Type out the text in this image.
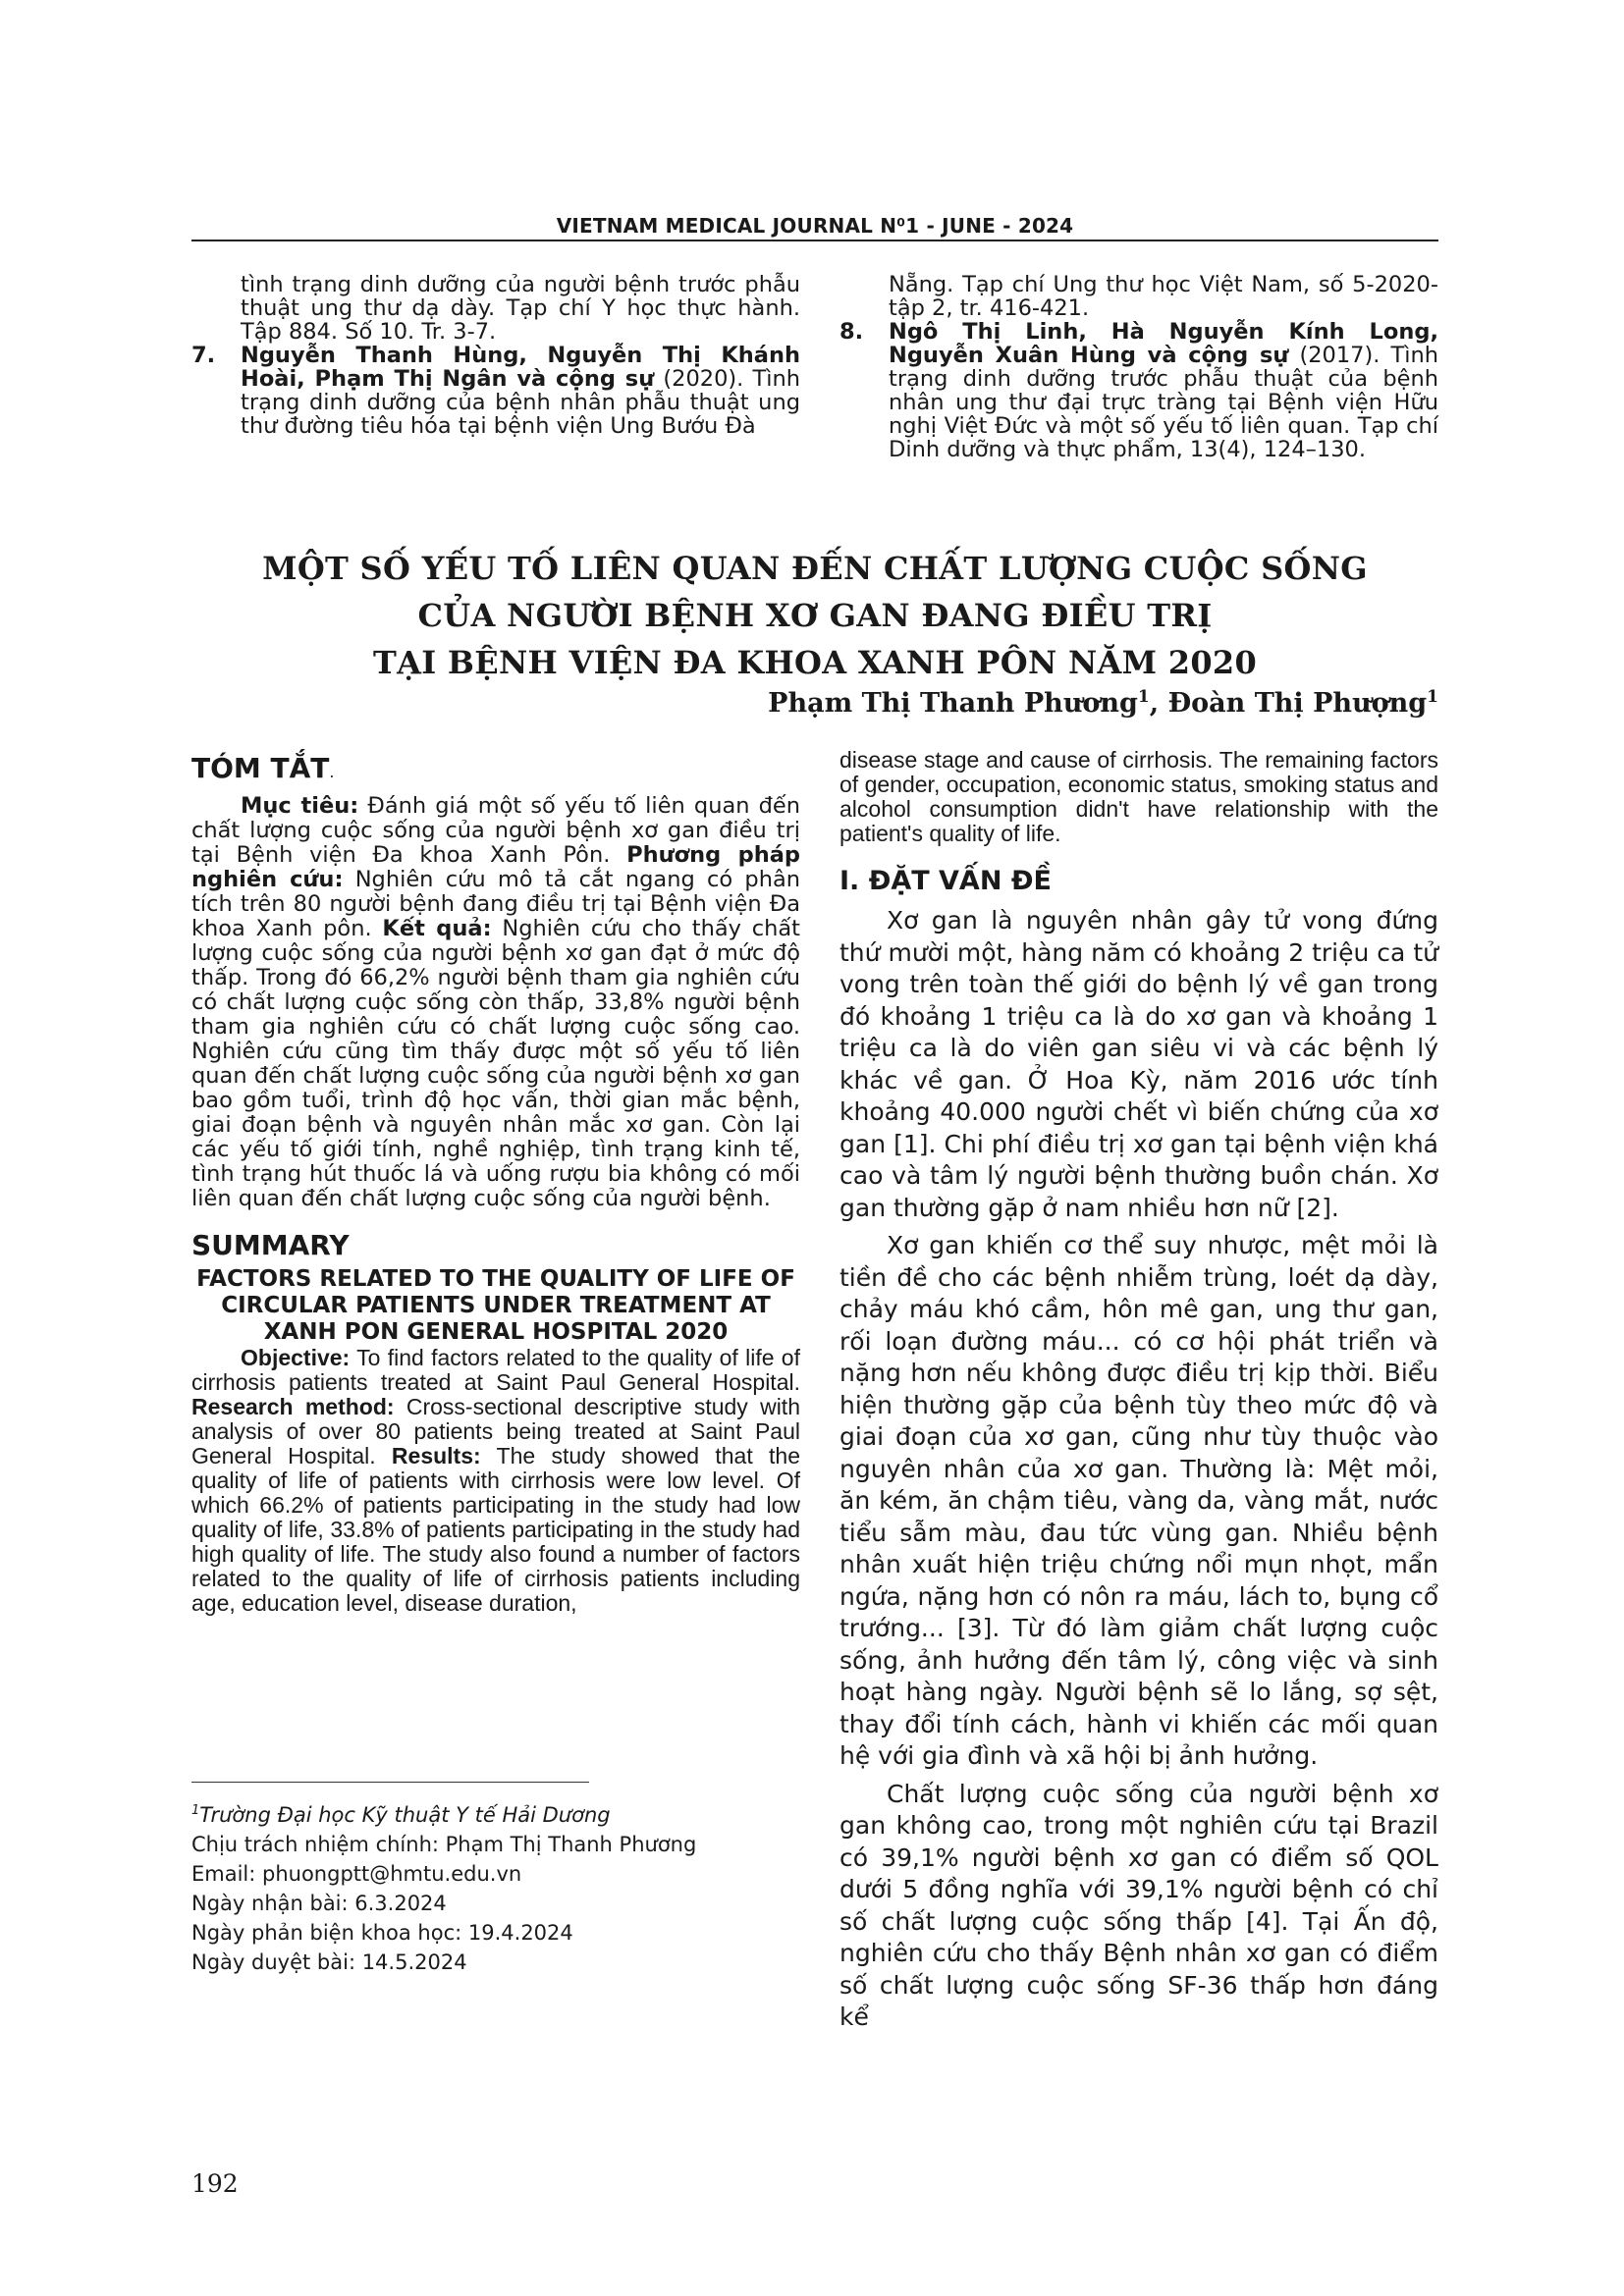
VIETNAM MEDICAL JOURNAL N⁰1 - JUNE - 2024
tình trạng dinh dưỡng của người bệnh trước phẫu thuật ung thư dạ dày. Tạp chí Y học thực hành. Tập 884. Số 10. Tr. 3-7.
7. Nguyễn Thanh Hùng, Nguyễn Thị Khánh Hoài, Phạm Thị Ngân và cộng sự (2020). Tình trạng dinh dưỡng của bệnh nhân phẫu thuật ung thư đường tiêu hóa tại bệnh viện Ung Bướu Đà
Nẵng. Tạp chí Ung thư học Việt Nam, số 5-2020-tập 2, tr. 416-421.
8. Ngô Thị Linh, Hà Nguyễn Kính Long, Nguyễn Xuân Hùng và cộng sự (2017). Tình trạng dinh dưỡng trước phẫu thuật của bệnh nhân ung thư đại trực tràng tại Bệnh viện Hữu nghị Việt Đức và một số yếu tố liên quan. Tạp chí Dinh dưỡng và thực phẩm, 13(4), 124–130.
MỘT SỐ YẾU TỐ LIÊN QUAN ĐẾN CHẤT LƯỢNG CUỘC SỐNG
CỦA NGƯỜI BỆNH XƠ GAN ĐANG ĐIỀU TRỊ
TẠI BỆNH VIỆN ĐA KHOA XANH PÔN NĂM 2020
Phạm Thị Thanh Phương$^1$, Đoàn Thị Phượng$^1$
TÓM TẮT.

Mục tiêu: Đánh giá một số yếu tố liên quan đến chất lượng cuộc sống của người bệnh xơ gan điều trị tại Bệnh viện Đa khoa Xanh Pôn. Phương pháp nghiên cứu: Nghiên cứu mô tả cắt ngang có phân tích trên 80 người bệnh đang điều trị tại Bệnh viện Đa khoa Xanh pôn. Kết quả: Nghiên cứu cho thấy chất lượng cuộc sống của người bệnh xơ gan đạt ở mức độ thấp. Trong đó 66,2% người bệnh tham gia nghiên cứu có chất lượng cuộc sống còn thấp, 33,8% người bệnh tham gia nghiên cứu có chất lượng cuộc sống cao. Nghiên cứu cũng tìm thấy được một số yếu tố liên quan đến chất lượng cuộc sống của người bệnh xơ gan bao gồm tuổi, trình độ học vấn, thời gian mắc bệnh, giai đoạn bệnh và nguyên nhân mắc xơ gan. Còn lại các yếu tố giới tính, nghề nghiệp, tình trạng kinh tế, tình trạng hút thuốc lá và uống rượu bia không có mối liên quan đến chất lượng cuộc sống của người bệnh.

SUMMARY
FACTORS RELATED TO THE QUALITY OF LIFE OF CIRCULAR PATIENTS UNDER TREATMENT AT XANH PON GENERAL HOSPITAL 2020

Objective: To find factors related to the quality of life of cirrhosis patients treated at Saint Paul General Hospital. Research method: Cross-sectional descriptive study with analysis of over 80 patients being treated at Saint Paul General Hospital. Results: The study showed that the quality of life of patients with cirrhosis were low level. Of which 66.2% of patients participating in the study had low quality of life, 33.8% of patients participating in the study had high quality of life. The study also found a number of factors related to the quality of life of cirrhosis patients including age, education level, disease duration,

$^1$Trường Đại học Kỹ thuật Y tế Hải Dương
Chịu trách nhiệm chính: Phạm Thị Thanh Phương
Email: phuongptt@hmtu.edu.vn
Ngày nhận bài: 6.3.2024
Ngày phản biện khoa học: 19.4.2024
Ngày duyệt bài: 14.5.2024

disease stage and cause of cirrhosis. The remaining factors of gender, occupation, economic status, smoking status and alcohol consumption didn't have relationship with the patient's quality of life.

I. ĐẶT VẤN ĐỀ

Xơ gan là nguyên nhân gây tử vong đứng thứ mười một, hàng năm có khoảng 2 triệu ca tử vong trên toàn thế giới do bệnh lý về gan trong đó khoảng 1 triệu ca là do xơ gan và khoảng 1 triệu ca là do viên gan siêu vi và các bệnh lý khác về gan. Ở Hoa Kỳ, năm 2016 ước tính khoảng 40.000 người chết vì biến chứng của xơ gan [1]. Chi phí điều trị xơ gan tại bệnh viện khá cao và tâm lý người bệnh thường buồn chán. Xơ gan thường gặp ở nam nhiều hơn nữ [2].

Xơ gan khiến cơ thể suy nhược, mệt mỏi là tiền đề cho các bệnh nhiễm trùng, loét dạ dày, chảy máu khó cầm, hôn mê gan, ung thư gan, rối loạn đường máu... có cơ hội phát triển và nặng hơn nếu không được điều trị kịp thời. Biểu hiện thường gặp của bệnh tùy theo mức độ và giai đoạn của xơ gan, cũng như tùy thuộc vào nguyên nhân của xơ gan. Thường là: Mệt mỏi, ăn kém, ăn chậm tiêu, vàng da, vàng mắt, nước tiểu sẫm màu, đau tức vùng gan. Nhiều bệnh nhân xuất hiện triệu chứng nổi mụn nhọt, mẩn ngứa, nặng hơn có nôn ra máu, lách to, bụng cổ trướng... [3]. Từ đó làm giảm chất lượng cuộc sống, ảnh hưởng đến tâm lý, công việc và sinh hoạt hàng ngày. Người bệnh sẽ lo lắng, sợ sệt, thay đổi tính cách, hành vi khiến các mối quan hệ với gia đình và xã hội bị ảnh hưởng.

Chất lượng cuộc sống của người bệnh xơ gan không cao, trong một nghiên cứu tại Brazil có 39,1% người bệnh xơ gan có điểm số QOL dưới 5 đồng nghĩa với 39,1% người bệnh có chỉ số chất lượng cuộc sống thấp [4]. Tại Ấn độ, nghiên cứu cho thấy Bệnh nhân xơ gan có điểm số chất lượng cuộc sống SF-36 thấp hơn đáng kể

192
